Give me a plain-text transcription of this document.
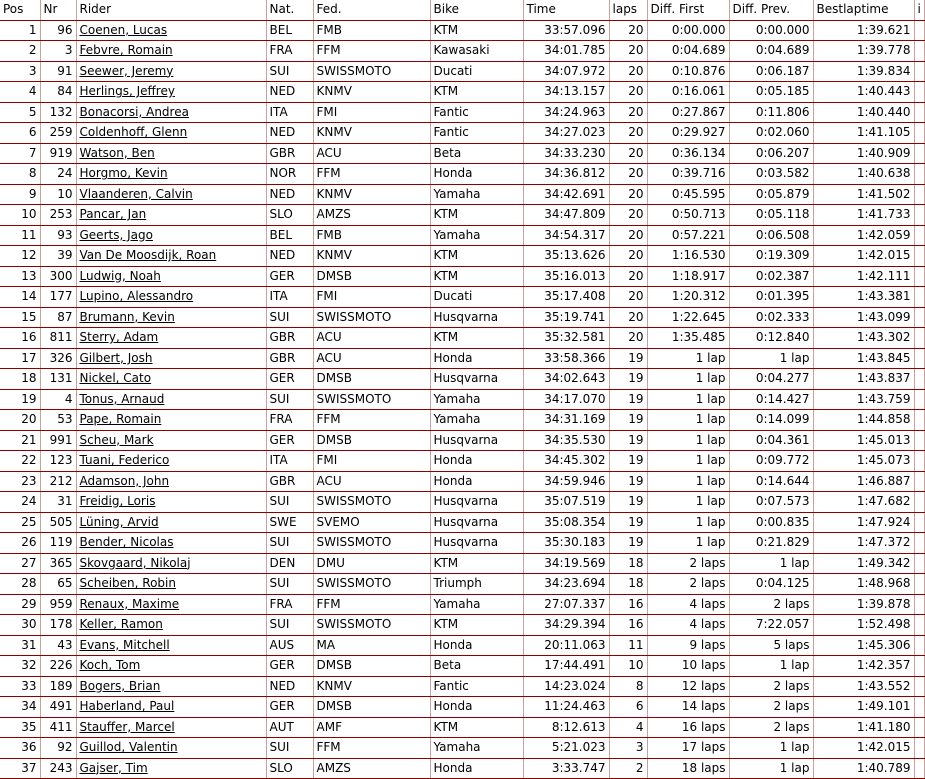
Pos	Nr	Rider	Nat.	Fed.	Bike	Time	laps	Diff. First	Diff. Prev.	Bestlaptime	i
1	96	Coenen, Lucas	BEL	FMB	KTM	33:57.096	20	0:00.000	0:00.000	1:39.621	
2	3	Febvre, Romain	FRA	FFM	Kawasaki	34:01.785	20	0:04.689	0:04.689	1:39.778	
3	91	Seewer, Jeremy	SUI	SWISSMOTO	Ducati	34:07.972	20	0:10.876	0:06.187	1:39.834	
4	84	Herlings, Jeffrey	NED	KNMV	KTM	34:13.157	20	0:16.061	0:05.185	1:40.443	
5	132	Bonacorsi, Andrea	ITA	FMI	Fantic	34:24.963	20	0:27.867	0:11.806	1:40.440	
6	259	Coldenhoff, Glenn	NED	KNMV	Fantic	34:27.023	20	0:29.927	0:02.060	1:41.105	
7	919	Watson, Ben	GBR	ACU	Beta	34:33.230	20	0:36.134	0:06.207	1:40.909	
8	24	Horgmo, Kevin	NOR	FFM	Honda	34:36.812	20	0:39.716	0:03.582	1:40.638	
9	10	Vlaanderen, Calvin	NED	KNMV	Yamaha	34:42.691	20	0:45.595	0:05.879	1:41.502	
10	253	Pancar, Jan	SLO	AMZS	KTM	34:47.809	20	0:50.713	0:05.118	1:41.733	
11	93	Geerts, Jago	BEL	FMB	Yamaha	34:54.317	20	0:57.221	0:06.508	1:42.059	
12	39	Van De Moosdijk, Roan	NED	KNMV	KTM	35:13.626	20	1:16.530	0:19.309	1:42.015	
13	300	Ludwig, Noah	GER	DMSB	KTM	35:16.013	20	1:18.917	0:02.387	1:42.111	
14	177	Lupino, Alessandro	ITA	FMI	Ducati	35:17.408	20	1:20.312	0:01.395	1:43.381	
15	87	Brumann, Kevin	SUI	SWISSMOTO	Husqvarna	35:19.741	20	1:22.645	0:02.333	1:43.099	
16	811	Sterry, Adam	GBR	ACU	KTM	35:32.581	20	1:35.485	0:12.840	1:43.302	
17	326	Gilbert, Josh	GBR	ACU	Honda	33:58.366	19	1 lap	1 lap	1:43.845	
18	131	Nickel, Cato	GER	DMSB	Husqvarna	34:02.643	19	1 lap	0:04.277	1:43.837	
19	4	Tonus, Arnaud	SUI	SWISSMOTO	Yamaha	34:17.070	19	1 lap	0:14.427	1:43.759	
20	53	Pape, Romain	FRA	FFM	Yamaha	34:31.169	19	1 lap	0:14.099	1:44.858	
21	991	Scheu, Mark	GER	DMSB	Husqvarna	34:35.530	19	1 lap	0:04.361	1:45.013	
22	123	Tuani, Federico	ITA	FMI	Honda	34:45.302	19	1 lap	0:09.772	1:45.073	
23	212	Adamson, John	GBR	ACU	Honda	34:59.946	19	1 lap	0:14.644	1:46.887	
24	31	Freidig, Loris	SUI	SWISSMOTO	Husqvarna	35:07.519	19	1 lap	0:07.573	1:47.682	
25	505	Lüning, Arvid	SWE	SVEMO	Husqvarna	35:08.354	19	1 lap	0:00.835	1:47.924	
26	119	Bender, Nicolas	SUI	SWISSMOTO	Husqvarna	35:30.183	19	1 lap	0:21.829	1:47.372	
27	365	Skovgaard, Nikolaj	DEN	DMU	KTM	34:19.569	18	2 laps	1 lap	1:49.342	
28	65	Scheiben, Robin	SUI	SWISSMOTO	Triumph	34:23.694	18	2 laps	0:04.125	1:48.968	
29	959	Renaux, Maxime	FRA	FFM	Yamaha	27:07.337	16	4 laps	2 laps	1:39.878	
30	178	Keller, Ramon	SUI	SWISSMOTO	KTM	34:29.394	16	4 laps	7:22.057	1:52.498	
31	43	Evans, Mitchell	AUS	MA	Honda	20:11.063	11	9 laps	5 laps	1:45.306	
32	226	Koch, Tom	GER	DMSB	Beta	17:44.491	10	10 laps	1 lap	1:42.357	
33	189	Bogers, Brian	NED	KNMV	Fantic	14:23.024	8	12 laps	2 laps	1:43.552	
34	491	Haberland, Paul	GER	DMSB	Honda	11:24.463	6	14 laps	2 laps	1:49.101	
35	411	Stauffer, Marcel	AUT	AMF	KTM	8:12.613	4	16 laps	2 laps	1:41.180	
36	92	Guillod, Valentin	SUI	FFM	Yamaha	5:21.023	3	17 laps	1 lap	1:42.015	
37	243	Gajser, Tim	SLO	AMZS	Honda	3:33.747	2	18 laps	1 lap	1:40.789	
